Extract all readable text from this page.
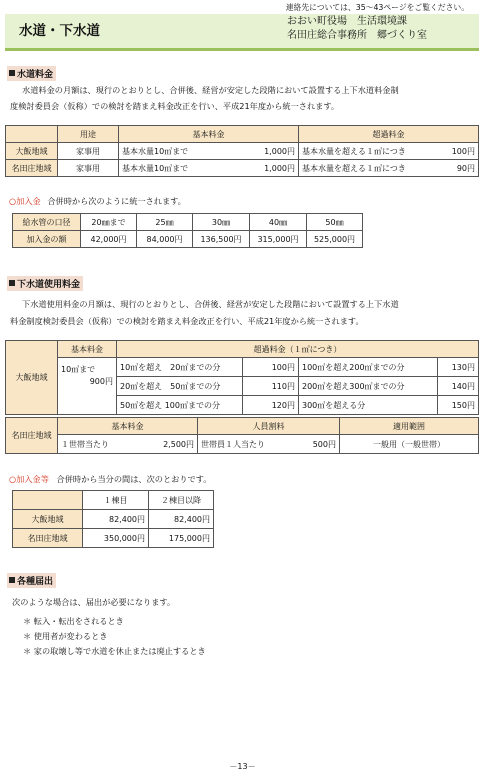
連絡先については、35～43ページをご覧ください。
水道・下水道
おおい町役場　生活環境課
名田庄総合事務所　郷づくり室
水道料金
水道料金の月額は、現行のとおりとし、合併後、経営が安定した段階において設置する上下水道料金制
度検討委員会（仮称）での検討を踏まえ料金改正を行い、平成21年度から統一されます。
	用途	基本料金	超過料金
大飯地域	家事用	基本水量10㎥まで 1,000円	基本水量を超える１㎥につき 100円

名田庄地域	家事用	基本水量10㎥まで 1,000円	基本水量を超える１㎥につき 90円
○加入金 合併時から次のように統一されます。
給水管の口径	20㎜まで	25㎜	30㎜	40㎜	50㎜
加入金の額	42,000円	84,000円	136,500円	315,000円	525,000円
下水道使用料金
下水道使用料金の月額は、現行のとおりとし、合併後、経営が安定した段階において設置する上下水道
料金制度検討委員会（仮称）での検討を踏まえ料金改正を行い、平成21年度から統一されます。
大飯地域	基本料金	超過料金（１㎥につき）			

	10㎥まで
900円	10㎥を超え　20㎥までの分	100円	100㎥を超え200㎥までの分	130円
		20㎥を超え　50㎥までの分	110円	200㎥を超え300㎥までの分	140円
		50㎥を超え 100㎥までの分	120円	300㎥を超える分	150円
名田庄地域	基本料金		人員割料		適用範囲
	１世帯当たり	2,500円	世帯員１人当たり	500円	一般用（一般世帯）
○加入金等 合併時から当分の間は、次のとおりです。
	１棟目	２棟目以降
大飯地域	82,400円	82,400円
名田庄地域	350,000円	175,000円
各種届出
次のような場合は、届出が必要になります。
＊ 転入・転出をされるとき
＊ 使用者が変わるとき
＊ 家の取壊し等で水道を休止または廃止するとき
－13－
